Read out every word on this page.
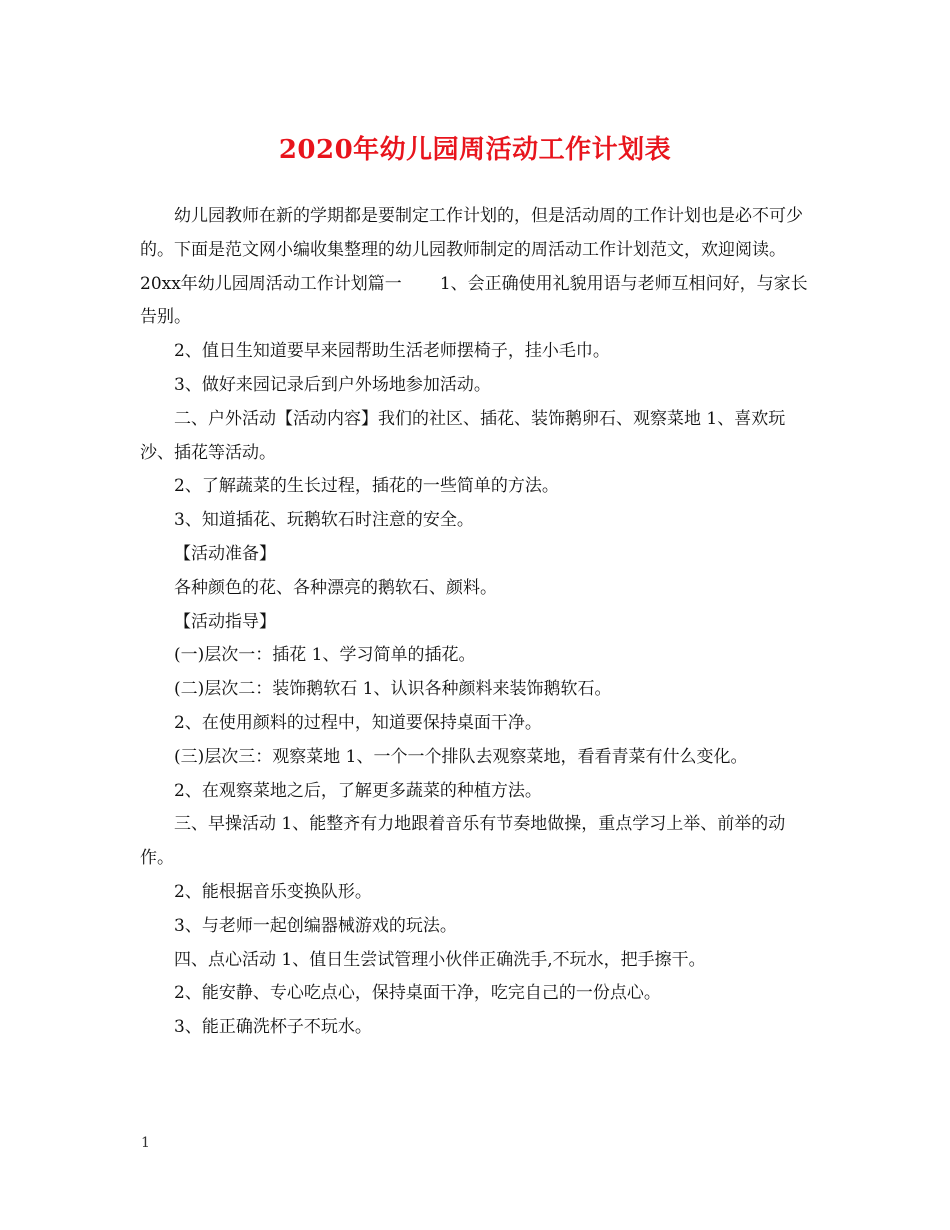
2020年幼儿园周活动工作计划表

幼儿园教师在新的学期都是要制定工作计划的，但是活动周的工作计划也是必不可少的。下面是范文网小编收集整理的幼儿园教师制定的周活动工作计划范文，欢迎阅读。

20xx年幼儿园周活动工作计划篇一 1、会正确使用礼貌用语与老师互相问好，与家长告别。

2、值日生知道要早来园帮助生活老师摆椅子，挂小毛巾。

3、做好来园记录后到户外场地参加活动。

二、户外活动【活动内容】我们的社区、插花、装饰鹅卵石、观察菜地 1、喜欢玩沙、插花等活动。

2、了解蔬菜的生长过程，插花的一些简单的方法。

3、知道插花、玩鹅软石时注意的安全。

【活动准备】

各种颜色的花、各种漂亮的鹅软石、颜料。

【活动指导】

(一)层次一：插花 1、学习简单的插花。

(二)层次二：装饰鹅软石 1、认识各种颜料来装饰鹅软石。

2、在使用颜料的过程中，知道要保持桌面干净。

(三)层次三：观察菜地 1、一个一个排队去观察菜地，看看青菜有什么变化。

2、在观察菜地之后，了解更多蔬菜的种植方法。

三、早操活动 1、能整齐有力地跟着音乐有节奏地做操，重点学习上举、前举的动作。

2、能根据音乐变换队形。

3、与老师一起创编器械游戏的玩法。

四、点心活动 1、值日生尝试管理小伙伴正确洗手,不玩水，把手擦干。

2、能安静、专心吃点心，保持桌面干净，吃完自己的一份点心。

3、能正确洗杯子不玩水。

1
